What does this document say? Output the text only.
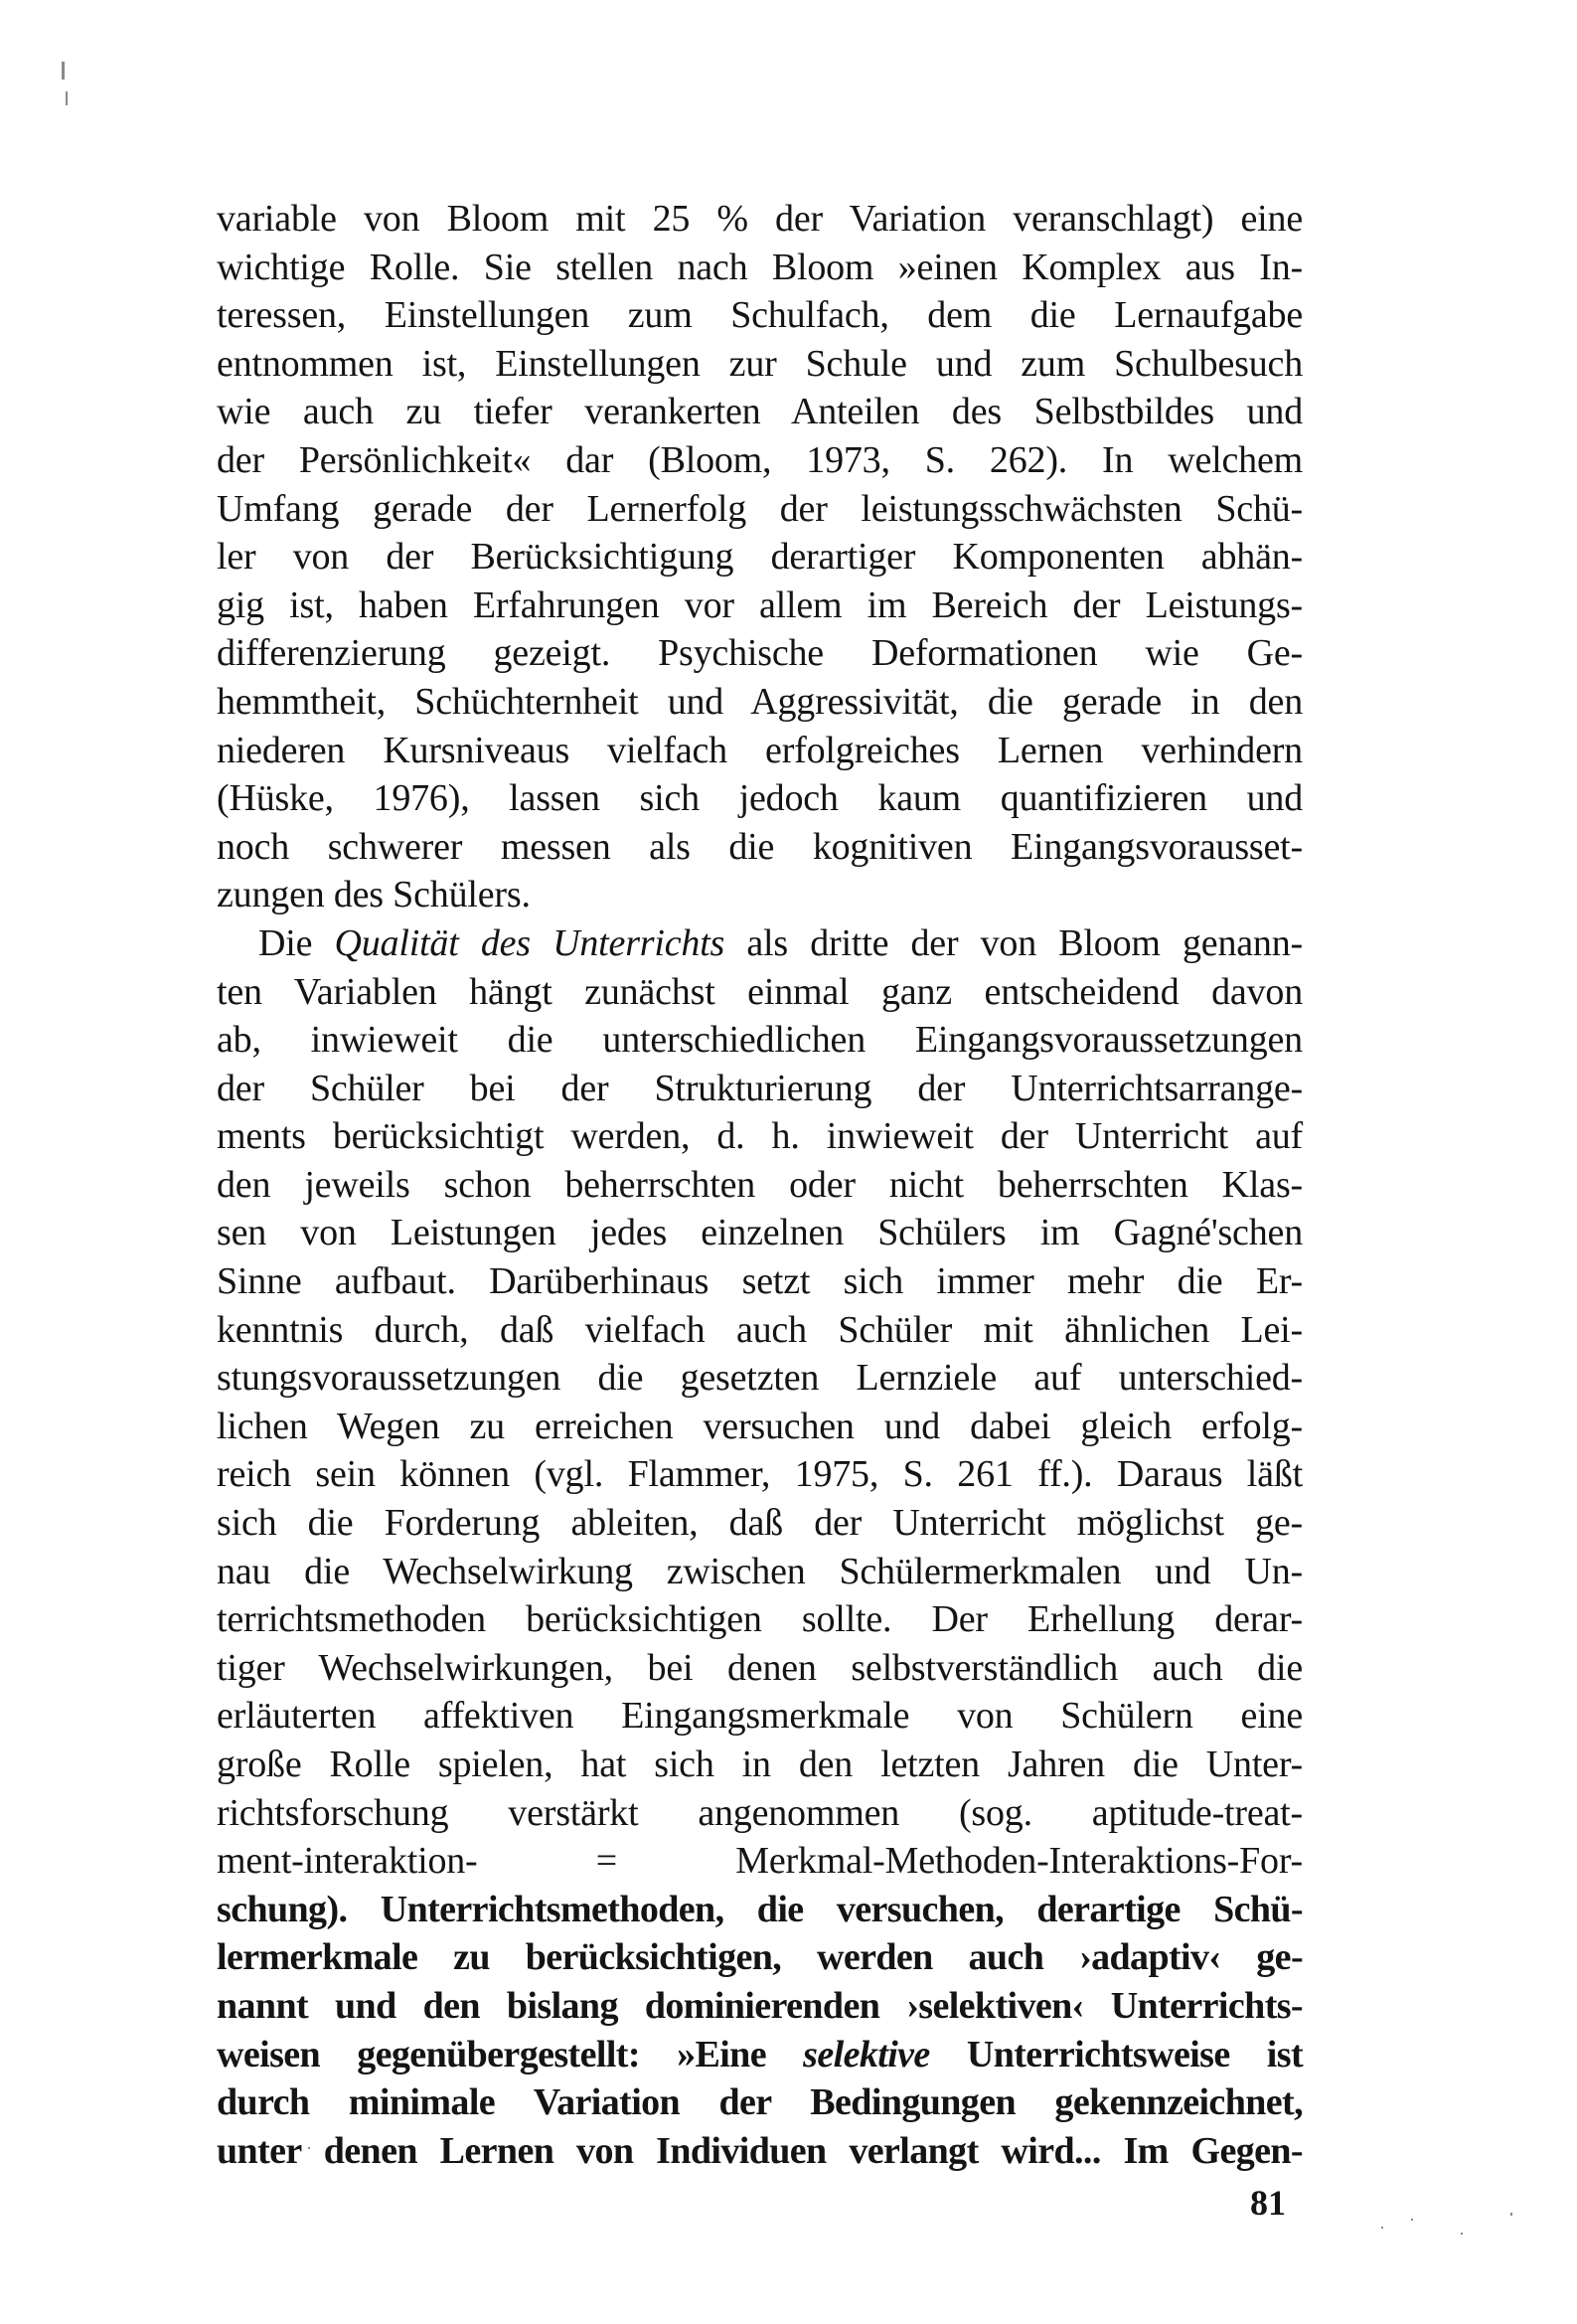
variable von Bloom mit 25 % der Variation veranschlagt) eine
wichtige Rolle. Sie stellen nach Bloom »einen Komplex aus In-
teressen, Einstellungen zum Schulfach, dem die Lernaufgabe
entnommen ist, Einstellungen zur Schule und zum Schulbesuch
wie auch zu tiefer verankerten Anteilen des Selbstbildes und
der Persönlichkeit« dar (Bloom, 1973, S. 262). In welchem
Umfang gerade der Lernerfolg der leistungsschwächsten Schü-
ler von der Berücksichtigung derartiger Komponenten abhän-
gig ist, haben Erfahrungen vor allem im Bereich der Leistungs-
differenzierung gezeigt. Psychische Deformationen wie Ge-
hemmtheit, Schüchternheit und Aggressivität, die gerade in den
niederen Kursniveaus vielfach erfolgreiches Lernen verhindern
(Hüske, 1976), lassen sich jedoch kaum quantifizieren und
noch schwerer messen als die kognitiven Eingangsvorausset-
zungen des Schülers.
Die Qualität des Unterrichts als dritte der von Bloom genann-
ten Variablen hängt zunächst einmal ganz entscheidend davon
ab, inwieweit die unterschiedlichen Eingangsvoraussetzungen
der Schüler bei der Strukturierung der Unterrichtsarrange-
ments berücksichtigt werden, d. h. inwieweit der Unterricht auf
den jeweils schon beherrschten oder nicht beherrschten Klas-
sen von Leistungen jedes einzelnen Schülers im Gagné'schen
Sinne aufbaut. Darüberhinaus setzt sich immer mehr die Er-
kenntnis durch, daß vielfach auch Schüler mit ähnlichen Lei-
stungsvoraussetzungen die gesetzten Lernziele auf unterschied-
lichen Wegen zu erreichen versuchen und dabei gleich erfolg-
reich sein können (vgl. Flammer, 1975, S. 261 ff.). Daraus läßt
sich die Forderung ableiten, daß der Unterricht möglichst ge-
nau die Wechselwirkung zwischen Schülermerkmalen und Un-
terrichtsmethoden berücksichtigen sollte. Der Erhellung derar-
tiger Wechselwirkungen, bei denen selbstverständlich auch die
erläuterten affektiven Eingangsmerkmale von Schülern eine
große Rolle spielen, hat sich in den letzten Jahren die Unter-
richtsforschung verstärkt angenommen (sog. aptitude-treat-
ment-interaktion- = Merkmal-Methoden-Interaktions-For-
schung). Unterrichtsmethoden, die versuchen, derartige Schü-
lermerkmale zu berücksichtigen, werden auch ›adaptiv‹ ge-
nannt und den bislang dominierenden ›selektiven‹ Unterrichts-
weisen gegenübergestellt: »Eine selektive Unterrichtsweise ist
durch minimale Variation der Bedingungen gekennzeichnet,
unter denen Lernen von Individuen verlangt wird... Im Gegen-
81
